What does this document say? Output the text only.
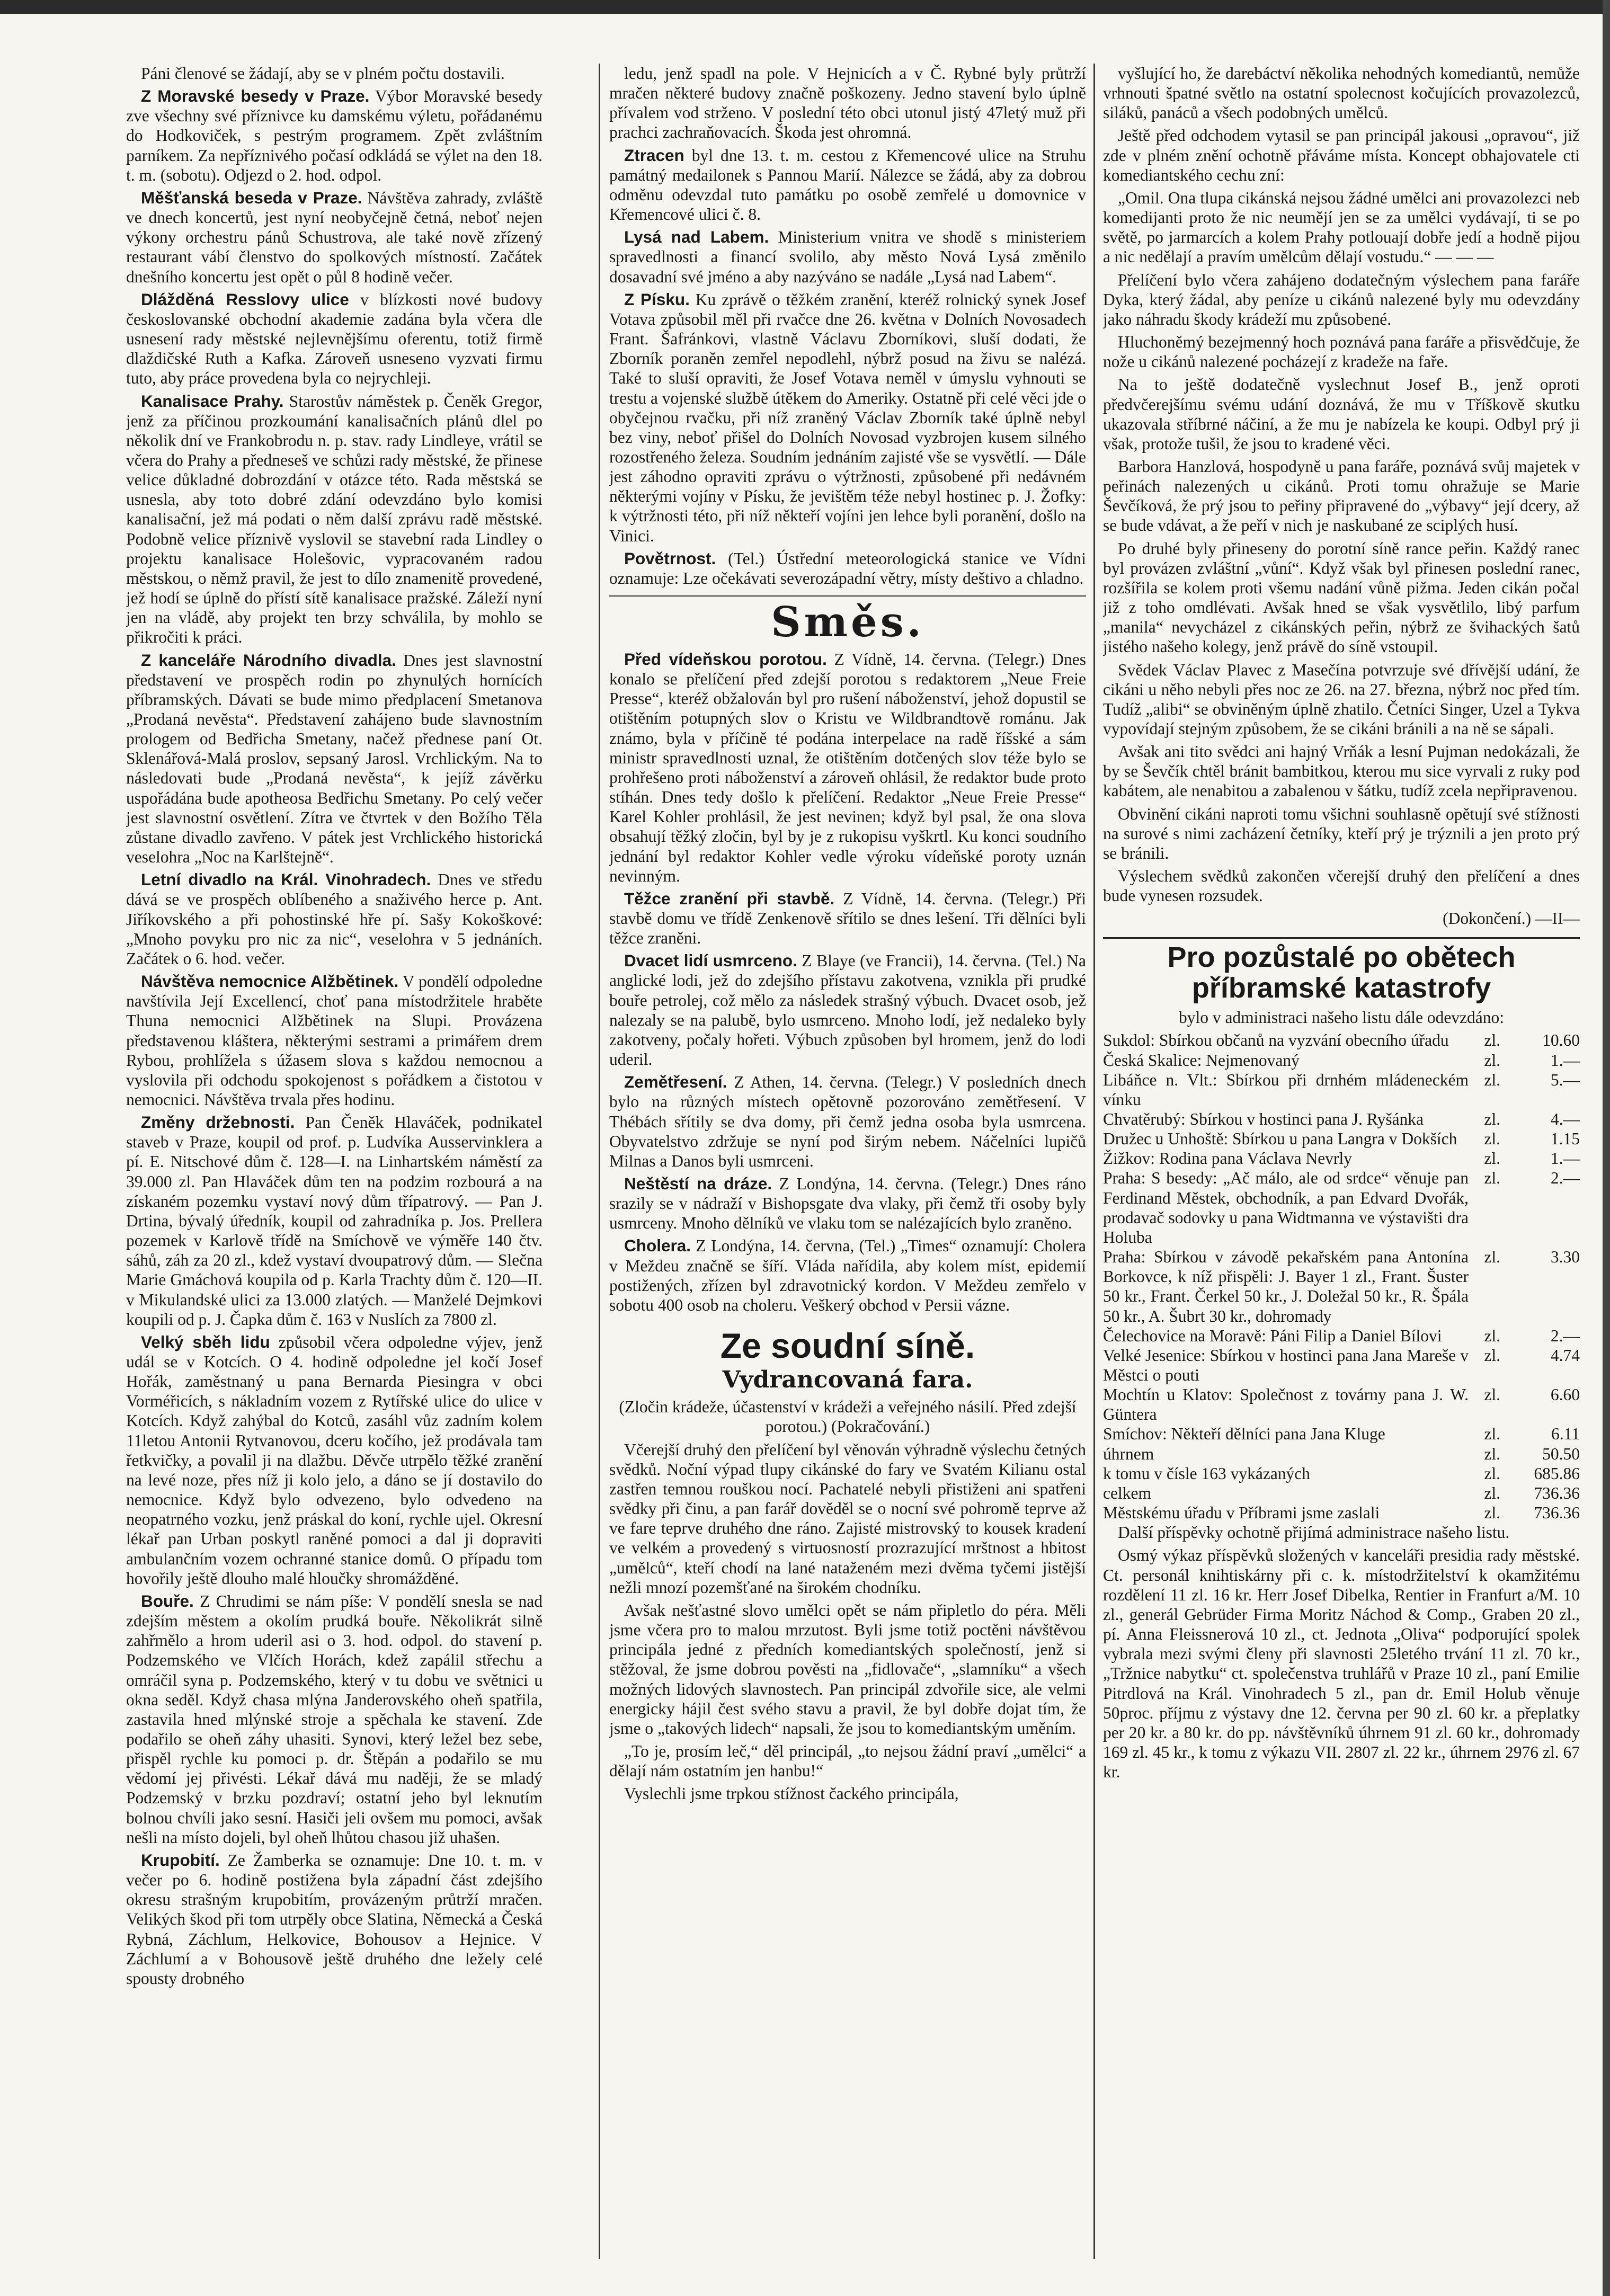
Páni členové se žádají, aby se v plném počtu dostavili.

Z Moravské besedy v Praze. Výbor Moravské besedy zve všechny své příznivce ku damskému výletu, pořádanému do Hodkoviček, s pestrým programem. Zpět zvláštním parníkem. Za nepříznivého počasí odkládá se výlet na den 18. t. m. (sobotu). Odjezd o 2. hod. odpol.

Měšťanská beseda v Praze. Návštěva zahrady, zvláště ve dnech koncertů, jest nyní neobyčejně četná, neboť nejen výkony orchestru pánů Schustrova, ale také nově zřízený restaurant vábí členstvo do spolkových místností. Začátek dnešního koncertu jest opět o půl 8 hodině večer.

Dlážděná Resslovy ulice v blízkosti nové budovy českoslovanské obchodní akademie zadána byla včera dle usnesení rady městské nejlevnějšímu oferentu, totiž firmě dlaždičské Ruth a Kafka. Zároveň usneseno vyzvati firmu tuto, aby práce provedena byla co nejrychleji.

Kanalisace Prahy. Starostův náměstek p. Čeněk Gregor, jenž za příčinou prozkoumání kanalisačních plánů dlel po několik dní ve Frankobrodu n. p. stav. rady Lindleye, vrátil se včera do Prahy a předneseš ve schůzi rady městské, že přinese velice důkladné dobrozdání v otázce této. Rada městská se usnesla, aby toto dobré zdání odevzdáno bylo komisi kanalisační, jež má podati o něm další zprávu radě městské. Podobně velice příznivě vyslovil se stavební rada Lindley o projektu kanalisace Holešovic, vypracovaném radou městskou, o němž pravil, že jest to dílo znamenitě provedené, jež hodí se úplně do přístí sítě kanalisace pražské. Záleží nyní jen na vládě, aby projekt ten brzy schválila, by mohlo se přikročiti k práci.

Z kanceláře Národního divadla. Dnes jest slavnostní představení ve prospěch rodin po zhynulých hornících příbramských. Dávati se bude mimo předplacení Smetanova „Prodaná nevěsta“. Představení zahájeno bude slavnostním prologem od Bedřicha Smetany, načež přednese paní Ot. Sklenářová-Malá proslov, sepsaný Jarosl. Vrchlickým. Na to následovati bude „Prodaná nevěsta“, k jejíž závěrku uspořádána bude apotheosa Bedřichu Smetany. Po celý večer jest slavnostní osvětlení. Zítra ve čtvrtek v den Božího Těla zůstane divadlo zavřeno. V pátek jest Vrchlického historická veselohra „Noc na Karlštejně“.

Letní divadlo na Král. Vinohradech. Dnes ve středu dává se ve prospěch oblíbeného a snaživého herce p. Ant. Jiříkovského a při pohostinské hře pí. Sašy Kokoškové: „Mnoho povyku pro nic za nic“, veselohra v 5 jednáních. Začátek o 6. hod. večer.

Návštěva nemocnice Alžbětinek. V pondělí odpoledne navštívila Její Excellencí, choť pana místodržitele hraběte Thuna nemocnici Alžbětinek na Slupi. Provázena představenou kláštera, některými sestrami a primářem drem Rybou, prohlížela s úžasem slova s každou nemocnou a vyslovila při odchodu spokojenost s pořádkem a čistotou v nemocnici. Návštěva trvala přes hodinu.

Změny držebnosti. Pan Čeněk Hlaváček, podnikatel staveb v Praze, koupil od prof. p. Ludvíka Ausservinklera a pí. E. Nitschové dům č. 128—I. na Linhartském náměstí za 39.000 zl. Pan Hlaváček dům ten na podzim rozbourá a na získaném pozemku vystaví nový dům třípatrový. — Pan J. Drtina, bývalý úředník, koupil od zahradníka p. Jos. Prellera pozemek v Karlově třídě na Smíchově ve výměře 140 čtv. sáhů, záh za 20 zl., kdež vystaví dvoupatrový dům. — Slečna Marie Gmáchová koupila od p. Karla Trachty dům č. 120—II. v Mikulandské ulici za 13.000 zlatých. — Manželé Dejmkovi koupili od p. J. Čapka dům č. 163 v Nuslích za 7800 zl.

Velký sběh lidu způsobil včera odpoledne výjev, jenž udál se v Kotcích. O 4. hodině odpoledne jel kočí Josef Hořák, zaměstnaný u pana Bernarda Piesingra v obci Vorméřicích, s nákladním vozem z Rytířské ulice do ulice v Kotcích. Když zahýbal do Kotců, zasáhl vůz zadním kolem 11letou Antonii Rytvanovou, dceru kočího, jež prodávala tam řetkvičky, a povalil ji na dlažbu. Děvče utrpělo těžké zranění na levé noze, přes níž ji kolo jelo, a dáno se jí dostavilo do nemocnice. Když bylo odvezeno, bylo odvedeno na neopatrného vozku, jenž práskal do koní, rychle ujel. Okresní lékař pan Urban poskytl raněné pomoci a dal ji dopraviti ambulančním vozem ochranné stanice domů. O případu tom hovořily ještě dlouho malé hloučky shromážděné.

Bouře. Z Chrudimi se nám píše: V pondělí snesla se nad zdejším městem a okolím prudká bouře. Několikrát silně zahřmělo a hrom uderil asi o 3. hod. odpol. do stavení p. Podzemského ve Vlčích Horách, kdež zapálil střechu a omráčil syna p. Podzemského, který v tu dobu ve světnici u okna seděl. Když chasa mlýna Janderovského oheň spatřila, zastavila hned mlýnské stroje a spěchala ke stavení. Zde podařilo se oheň záhy uhasiti. Synovi, který ležel bez sebe, přispěl rychle ku pomoci p. dr. Štěpán a podařilo se mu vědomí jej přivésti. Lékař dává mu naději, že se mladý Podzemský v brzku pozdraví; ostatní jeho byl leknutím bolnou chvíli jako sesní. Hasiči jeli ovšem mu pomoci, avšak nešli na místo dojeli, byl oheň lhůtou chasou již uhašen.

Krupobití. Ze Žamberka se oznamuje: Dne 10. t. m. v večer po 6. hodině postižena byla západní část zdejšího okresu strašným krupobitím, provázeným průtrží mračen. Velikých škod při tom utrpěly obce Slatina, Německá a Česká Rybná, Záchlum, Helkovice, Bohousov a Hejnice. V Záchlumí a v Bohousově ještě druhého dne ležely celé spousty drobného

ledu, jenž spadl na pole. V Hejnicích a v Č. Rybné byly průtrží mračen některé budovy značně poškozeny. Jedno stavení bylo úplně přívalem vod strženo. V poslední této obci utonul jistý 47letý muž při prachci zachraňovacích. Škoda jest ohromná.

Ztracen byl dne 13. t. m. cestou z Křemencové ulice na Struhu památný medailonek s Pannou Marií. Nálezce se žádá, aby za dobrou odměnu odevzdal tuto památku po osobě zemřelé u domovnice v Křemencové ulici č. 8.

Lysá nad Labem. Ministerium vnitra ve shodě s ministeriem spravedlnosti a financí svolilo, aby město Nová Lysá změnilo dosavadní své jméno a aby nazýváno se nadále „Lysá nad Labem“.

Z Písku. Ku zprávě o těžkém zranění, kteréž rolnický synek Josef Votava způsobil měl při rvačce dne 26. května v Dolních Novosadech Frant. Šafránkovi, vlastně Václavu Zborníkovi, sluší dodati, že Zborník poraněn zemřel nepodlehl, nýbrž posud na živu se nalézá. Také to sluší opraviti, že Josef Votava neměl v úmyslu vyhnouti se trestu a vojenské službě útěkem do Ameriky. Ostatně při celé věci jde o obyčejnou rvačku, při níž zraněný Václav Zborník také úplně nebyl bez viny, neboť přišel do Dolních Novosad vyzbrojen kusem silného rozostřeného železa. Soudním jednáním zajisté vše se vysvětlí. — Dále jest záhodno opraviti zprávu o výtržnosti, způsobené při nedávném některými vojíny v Písku, že jevištěm téže nebyl hostinec p. J. Žofky: k výtržnosti této, při níž někteří vojíni jen lehce byli poranění, došlo na Vinici.

Povětrnost. (Tel.) Ústřední meteorologická stanice ve Vídni oznamuje: Lze očekávati severozápadní větry, místy deštivo a chladno.

Směs.

Před vídeňskou porotou. Z Vídně, 14. června. (Telegr.) Dnes konalo se přelíčení před zdejší porotou s redaktorem „Neue Freie Presse“, kteréž obžalován byl pro rušení náboženství, jehož dopustil se otištěním potupných slov o Kristu ve Wildbrandtově románu. Jak známo, byla v příčině té podána interpelace na radě říšské a sám ministr spravedlnosti uznal, že otištěním dotčených slov téže bylo se prohřešeno proti náboženství a zároveň ohlásil, že redaktor bude proto stíhán. Dnes tedy došlo k přelíčení. Redaktor „Neue Freie Presse“ Karel Kohler prohlásil, že jest nevinen; když byl psal, že ona slova obsahují těžký zločin, byl by je z rukopisu vyškrtl. Ku konci soudního jednání byl redaktor Kohler vedle výroku vídeňské poroty uznán nevinným.

Těžce zranění při stavbě. Z Vídně, 14. června. (Telegr.) Při stavbě domu ve třídě Zenkenově sřítilo se dnes lešení. Tři dělníci byli těžce zraněni.

Dvacet lidí usmrceno. Z Blaye (ve Francii), 14. června. (Tel.) Na anglické lodi, jež do zdejšího přístavu zakotvena, vznikla při prudké bouře petrolej, což mělo za následek strašný výbuch. Dvacet osob, jež nalezaly se na palubě, bylo usmrceno. Mnoho lodí, jež nedaleko byly zakotveny, počaly hořeti. Výbuch způsoben byl hromem, jenž do lodi uderil.

Zemětřesení. Z Athen, 14. června. (Telegr.) V posledních dnech bylo na různých místech opětovně pozorováno zemětřesení. V Thébách sřítily se dva domy, při čemž jedna osoba byla usmrcena. Obyvatelstvo zdržuje se nyní pod širým nebem. Náčelníci lupičů Milnas a Danos byli usmrceni.

Neštěstí na dráze. Z Londýna, 14. června. (Telegr.) Dnes ráno srazily se v nádraží v Bishopsgate dva vlaky, při čemž tři osoby byly usmrceny. Mnoho dělníků ve vlaku tom se nalézajících bylo zraněno.

Cholera. Z Londýna, 14. června, (Tel.) „Times“ oznamují: Cholera v Meždeu značně se šíří. Vláda nařídila, aby kolem míst, epidemií postižených, zřízen byl zdravotnický kordon. V Meždeu zemřelo v sobotu 400 osob na choleru. Veškerý obchod v Persii vázne.

Ze soudní síně.
Vydrancovaná fara.

(Zločin krádeže, účastenství v krádeži a veřejného násilí. Před zdejší porotou.) (Pokračování.)

Včerejší druhý den přelíčení byl věnován výhradně výslechu četných svědků. Noční výpad tlupy cikánské do fary ve Svatém Kilianu ostal zastřen temnou rouškou nocí. Pachatelé nebyli přistiženi ani spatřeni svědky při činu, a pan farář dověděl se o nocní své pohromě teprve až ve fare teprve druhého dne ráno. Zajisté mistrovský to kousek kradení ve velkém a provedený s virtuosností prozrazující mrštnost a hbitost „umělců“, kteří chodí na lané nataženém mezi dvěma tyčemi jistější nežli mnozí pozemšťané na širokém chodníku.

Avšak nešťastné slovo umělci opět se nám připletlo do péra. Měli jsme včera pro to malou mrzutost. Byli jsme totiž poctěni návštěvou principála jedné z předních komediantských společností, jenž si stěžoval, že jsme dobrou pověsti na „fidlovače“, „slamníku“ a všech možných lidových slavnostech. Pan principál zdvořile sice, ale velmi energicky hájil čest svého stavu a pravil, že byl dobře dojat tím, že jsme o „takových lidech“ napsali, že jsou to komediantským uměním.

„To je, prosím leč,“ děl principál, „to nejsou žádní praví „umělci“ a dělají nám ostatním jen hanbu!“

Vyslechli jsme trpkou stížnost čackého principála,

vyšlující ho, že darebáctví několika nehodných komediantů, nemůže vrhnouti špatné světlo na ostatní spolecnost kočujících provazolezců, siláků, panáců a všech podobných umělců.

Ještě před odchodem vytasil se pan principál jakousi „opravou“, již zde v plném znění ochotně přáváme místa. Koncept obhajovatele cti komediantského cechu zní:

„Omil. Ona tlupa cikánská nejsou žádné umělci ani provazolezci neb komedijanti proto že nic neumějí jen se za umělci vydávají, ti se po světě, po jarmarcích a kolem Prahy potlouají dobře jedí a hodně pijou a nic nedělají a pravím umělcům dělají vostudu.“ — — —

Přelíčení bylo včera zahájeno dodatečným výslechem pana faráře Dyka, který žádal, aby peníze u cikánů nalezené byly mu odevzdány jako náhradu škody krádeží mu způsobené.

Hluchoněmý bezejmenný hoch poznává pana faráře a přisvědčuje, že nože u cikánů nalezené pocházejí z kradeže na faře.

Na to ještě dodatečně vyslechnut Josef B., jenž oproti předvčerejšímu svému udání doznává, že mu v Tříškově skutku ukazovala stříbrné náčiní, a že mu je nabízela ke koupi. Odbyl prý ji však, protože tušil, že jsou to kradené věci.

Barbora Hanzlová, hospodyně u pana faráře, poznává svůj majetek v peřinách nalezených u cikánů. Proti tomu ohražuje se Marie Ševčíková, že prý jsou to peřiny připravené do „výbavy“ její dcery, až se bude vdávat, a že peří v nich je naskubané ze sciplých husí.

Po druhé byly přineseny do porotní síně rance peřin. Každý ranec byl provázen zvláštní „vůní“. Když však byl přinesen poslední ranec, rozšířila se kolem proti všemu nadání vůně pižma. Jeden cikán počal již z toho omdlévati. Avšak hned se však vysvětlilo, libý parfum „manila“ nevycházel z cikánských peřin, nýbrž ze švihackých šatů jistého našeho kolegy, jenž právě do síně vstoupil.

Svědek Václav Plavec z Masečína potvrzuje své dřívější udání, že cikáni u něho nebyli přes noc ze 26. na 27. března, nýbrž noc před tím. Tudíž „alibi“ se obviněným úplně zhatilo. Četníci Singer, Uzel a Tykva vypovídají stejným způsobem, že se cikáni bránili a na ně se sápali.

Avšak ani tito svědci ani hajný Vrňák a lesní Pujman nedokázali, že by se Ševčík chtěl bránit bambitkou, kterou mu sice vyrvali z ruky pod kabátem, ale nenabitou a zabalenou v šátku, tudíž zcela nepřipravenou.

Obvinění cikáni naproti tomu všichni souhlasně opětují své stížnosti na surové s nimi zacházení četníky, kteří prý je trýznili a jen proto prý se bránili.

Výslechem svědků zakončen včerejší druhý den přelíčení a dnes bude vynesen rozsudek.

(Dokončení.) —II—

Pro pozůstalé po obětech příbramské katastrofy

bylo v administraci našeho listu dále odevzdáno:

Sukdol: Sbírkou občanů na vyzvání obecního úřadu	zl.	10.60
Česká Skalice: Nejmenovaný	zl.	1.—
Libáňce n. Vlt.: Sbírkou při drnhém mládeneckém vínku
zl.	5.—
Chvatěrubý: Sbírkou v hostinci pana J. Ryšánka	zl.	4.—
Družec u Unhoště: Sbírkou u pana Langra v Dokších	zl.	1.15
Žižkov: Rodina pana Václava Nevrly	zl.	1.—
Praha: S besedy: „Ač málo, ale od srdce“ věnuje pan Ferdinand Městek, obchodník, a pan Edvard Dvořák, prodavač sodovky u pana Widtmanna ve výstavišti dra Holuba
zl.	2.—
Praha: Sbírkou v závodě pekařském pana Antonína Borkovce, k níž přispěli: J. Bayer 1 zl., Frant. Šuster 50 kr., Frant. Čerkel 50 kr., J. Doležal 50 kr., R. Špála 50 kr., A. Šubrt 30 kr., dohromady
zl.	3.30
Čelechovice na Moravě: Páni Filip a Daniel Bílovi	zl.	2.—
Velké Jesenice: Sbírkou v hostinci pana Jana Mareše v Městci o pouti
zl.	4.74
Mochtín u Klatov: Společnost z továrny pana J. W. Güntera
zl.	6.60
Smíchov: Někteří dělníci pana Jana Kluge	zl.	6.11
úhrnem	zl.	50.50
k tomu v čísle 163 vykázaných	zl.	685.86
celkem	zl.	736.36
Městskému úřadu v Příbrami jsme zaslali	zl.	736.36

Další příspěvky ochotně přijímá administrace našeho listu.

Osmý výkaz příspěvků složených v kanceláři presidia rady městské. Ct. personál knihtiskárny při c. k. místodržitelství k okamžitému rozdělení 11 zl. 16 kr. Herr Josef Dibelka, Rentier in Franfurt a/M. 10 zl., generál Gebrüder Firma Moritz Náchod & Comp., Graben 20 zl., pí. Anna Fleissnerová 10 zl., ct. Jednota „Oliva“ podporující spolek vybrala mezi svými členy při slavnosti 25letého trvání 11 zl. 70 kr., „Tržnice nabytku“ ct. společenstva truhlářů v Praze 10 zl., paní Emilie Pitrdlová na Král. Vinohradech 5 zl., pan dr. Emil Holub věnuje 50proc. příjmu z výstavy dne 12. června per 90 zl. 60 kr. a přeplatky per 20 kr. a 80 kr. do pp. návštěvníků úhrnem 91 zl. 60 kr., dohromady 169 zl. 45 kr., k tomu z výkazu VII. 2807 zl. 22 kr., úhrnem 2976 zl. 67 kr.
